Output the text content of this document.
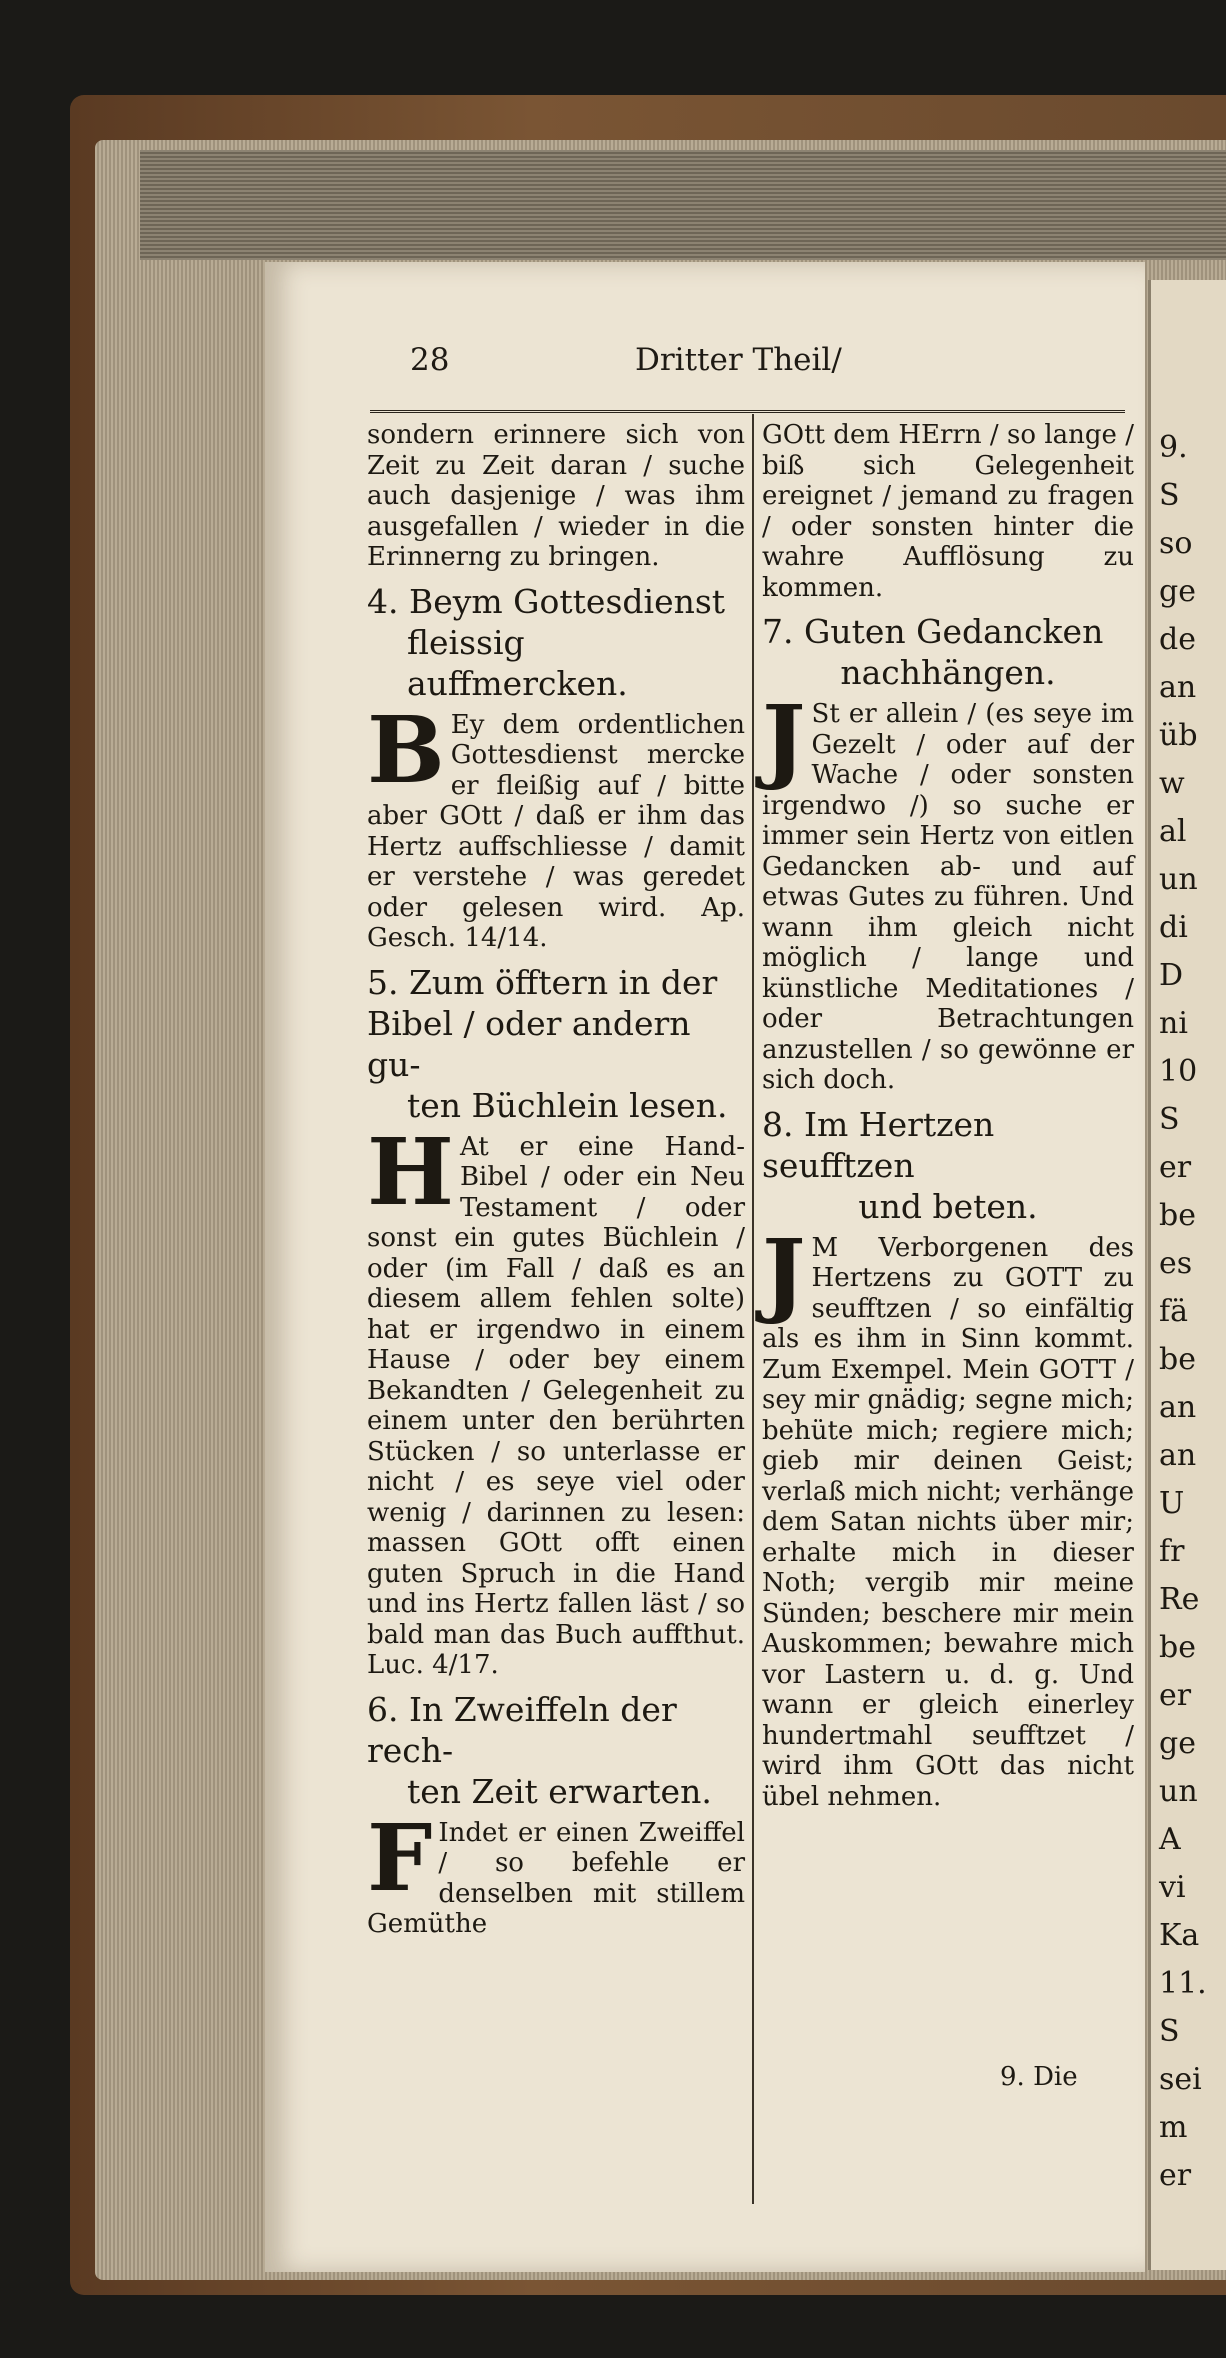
9.
S
so
ge
de
an
üb
w
al
un
di
D
ni
10
S
er
be
es
fä
be
an
an
U
fr
Re
be
er
ge
un
A
vi
Ka
11.
S
sei
m
er
28	Dritter Theil/

sondern erinnere sich von Zeit zu Zeit daran / suche auch dasjenige / was ihm ausgefallen / wieder in die Erinnerng zu bringen.

4. Beym Gottesdienst
fleissig auffmercken.

B Ey dem ordentlichen Gottesdienst mercke er fleißig auf / bitte aber GOtt / daß er ihm das Hertz auffschliesse / damit er verstehe / was geredet oder gelesen wird. Ap. Gesch. 14/14.

5. Zum öfftern in der
Bibel / oder andern gu-
ten Büchlein lesen.

H At er eine Hand-Bibel / oder ein Neu Testament / oder sonst ein gutes Büchlein / oder (im Fall / daß es an diesem allem fehlen solte) hat er irgendwo in einem Hause / oder bey einem Bekandten / Gelegenheit zu einem unter den berührten Stücken / so unterlasse er nicht / es seye viel oder wenig / darinnen zu lesen: massen GOtt offt einen guten Spruch in die Hand und ins Hertz fallen läst / so bald man das Buch auffthut. Luc. 4/17.

6. In Zweiffeln der rech-
ten Zeit erwarten.

F Indet er einen Zweiffel / so befehle er denselben mit stillem Gemüthe

GOtt dem HErrn / so lange / biß sich Gelegenheit ereignet / jemand zu fragen / oder sonsten hinter die wahre Aufflösung zu kommen.

7. Guten Gedancken
nachhängen.

J St er allein / (es seye im Gezelt / oder auf der Wache / oder sonsten irgendwo /) so suche er immer sein Hertz von eitlen Gedancken ab- und auf etwas Gutes zu führen. Und wann ihm gleich nicht möglich / lange und künstliche Meditationes / oder Betrachtungen anzustellen / so gewönne er sich doch.

8. Im Hertzen seufftzen
und beten.

J M Verborgenen des Hertzens zu GOTT zu seufftzen / so einfältig als es ihm in Sinn kommt. Zum Exempel. Mein GOTT / sey mir gnädig; segne mich; behüte mich; regiere mich; gieb mir deinen Geist; verlaß mich nicht; verhänge dem Satan nichts über mir; erhalte mich in dieser Noth; vergib mir meine Sünden; beschere mir mein Auskommen; bewahre mich vor Lastern u. d. g. Und wann er gleich einerley hundertmahl seufftzet / wird ihm GOtt das nicht übel nehmen.

9. Die
